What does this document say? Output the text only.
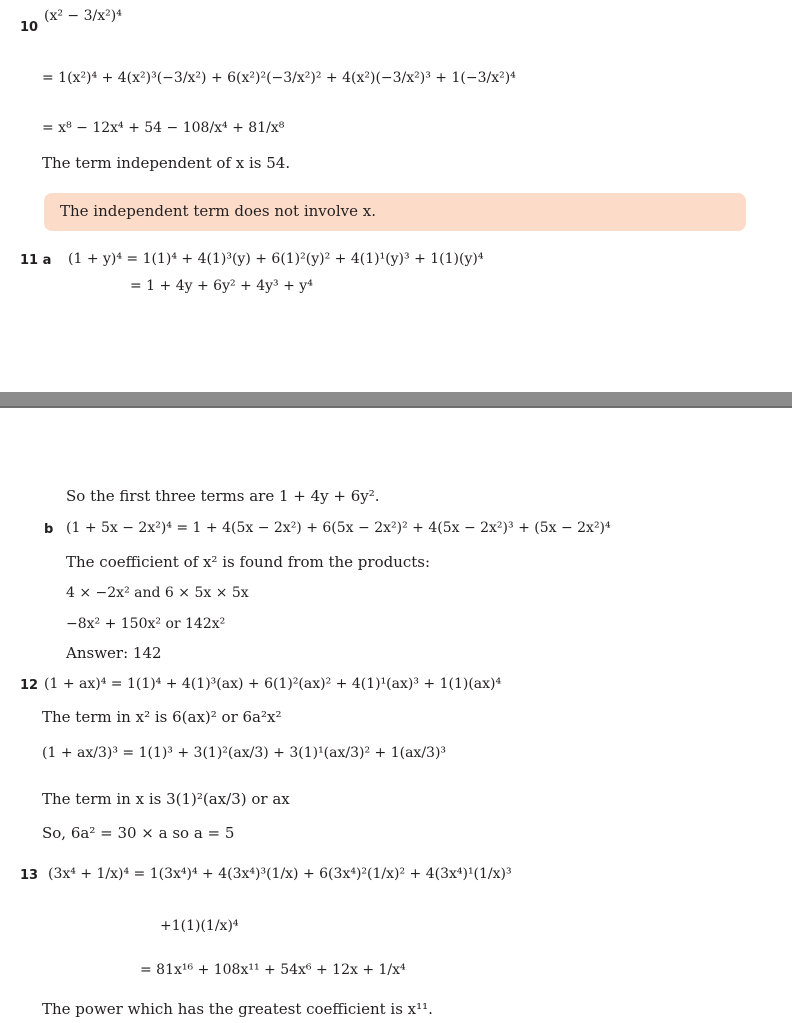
10
(x² − 3/x²)⁴
= 1(x²)⁴ + 4(x²)³(−3/x²) + 6(x²)²(−3/x²)² + 4(x²)(−3/x²)³ + 1(−3/x²)⁴
= x⁸ − 12x⁴ + 54 − 108/x⁴ + 81/x⁸
The term independent of x is 54.
The independent term does not involve x.
11 a (1 + y)⁴ = 1(1)⁴ + 4(1)³(y) + 6(1)²(y)² + 4(1)¹(y)³ + 1(1)(y)⁴
= 1 + 4y + 6y² + 4y³ + y⁴
So the first three terms are 1 + 4y + 6y².
b (1 + 5x − 2x²)⁴ = 1 + 4(5x − 2x²) + 6(5x − 2x²)² + 4(5x − 2x²)³ + (5x − 2x²)⁴
The coefficient of x² is found from the products:
4 × −2x² and 6 × 5x × 5x
−8x² + 150x² or 142x²
Answer: 142
12 (1 + ax)⁴ = 1(1)⁴ + 4(1)³(ax) + 6(1)²(ax)² + 4(1)¹(ax)³ + 1(1)(ax)⁴
The term in x² is 6(ax)² or 6a²x²
(1 + ax/3)³ = 1(1)³ + 3(1)²(ax/3) + 3(1)¹(ax/3)² + 1(ax/3)³
The term in x is 3(1)²(ax/3) or ax
So, 6a² = 30 × a so a = 5
13 (3x⁴ + 1/x)⁴ = 1(3x⁴)⁴ + 4(3x⁴)³(1/x) + 6(3x⁴)²(1/x)² + 4(3x⁴)¹(1/x)³
+1(1)(1/x)⁴
= 81x¹⁶ + 108x¹¹ + 54x⁶ + 12x + 1/x⁴
The power which has the greatest coefficient is x¹¹.
